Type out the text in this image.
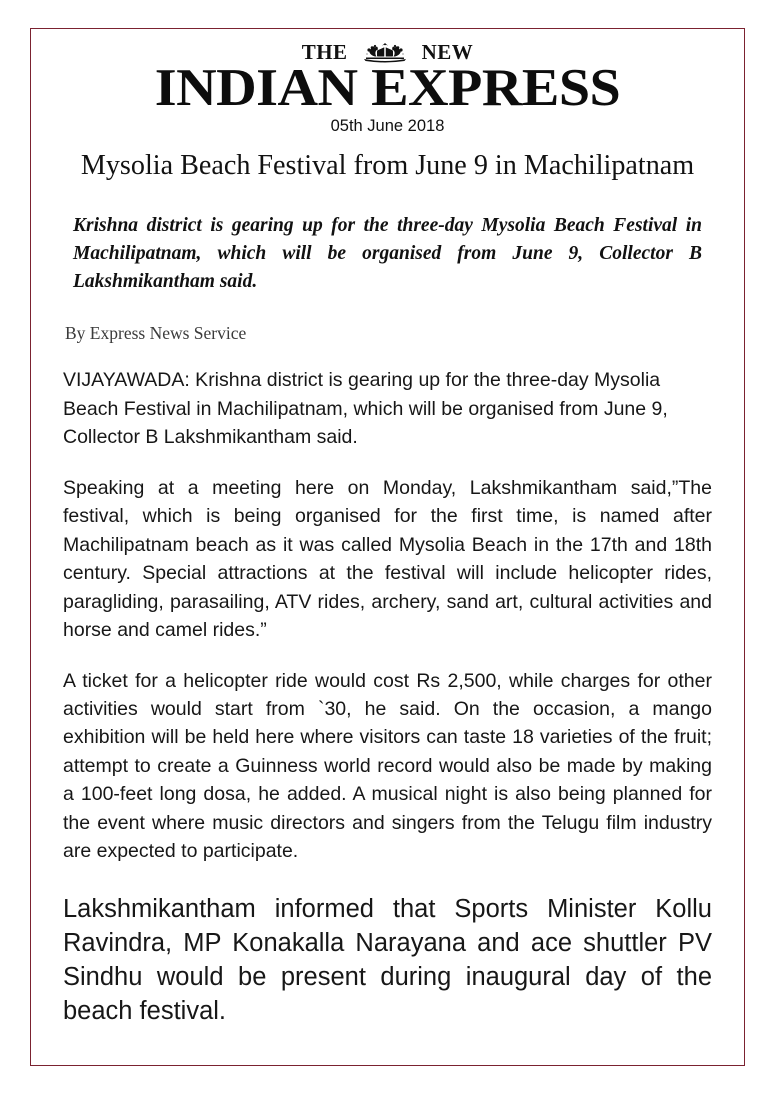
THE	NEW
INDIAN EXPRESS
05th June 2018
Mysolia Beach Festival from June 9 in Machilipatnam

Krishna district is gearing up for the three-day Mysolia Beach Festival in Machilipatnam, which will be organised from June 9, Collector B Lakshmikantham said.

By Express News Service

VIJAYAWADA: Krishna district is gearing up for the three-day Mysolia Beach Festival in Machilipatnam, which will be organised from June 9, Collector B Lakshmikantham said.

Speaking at a meeting here on Monday, Lakshmikantham said,”The festival, which is being organised for the first time, is named after Machilipatnam beach as it was called Mysolia Beach in the 17th and 18th century. Special attractions at the festival will include helicopter rides, paragliding, parasailing, ATV rides, archery, sand art, cultural activities and horse and camel rides.”

A ticket for a helicopter ride would cost Rs 2,500, while charges for other activities would start from `30, he said. On the occasion, a mango exhibition will be held here where visitors can taste 18 varieties of the fruit; attempt to create a Guinness world record would also be made by making a 100-feet long dosa, he added. A musical night is also being planned for the event where music directors and singers from the Telugu film industry are expected to participate.

Lakshmikantham informed that Sports Minister Kollu Ravindra, MP Konakalla Narayana and ace shuttler PV Sindhu would be present during inaugural day of the beach festival.
